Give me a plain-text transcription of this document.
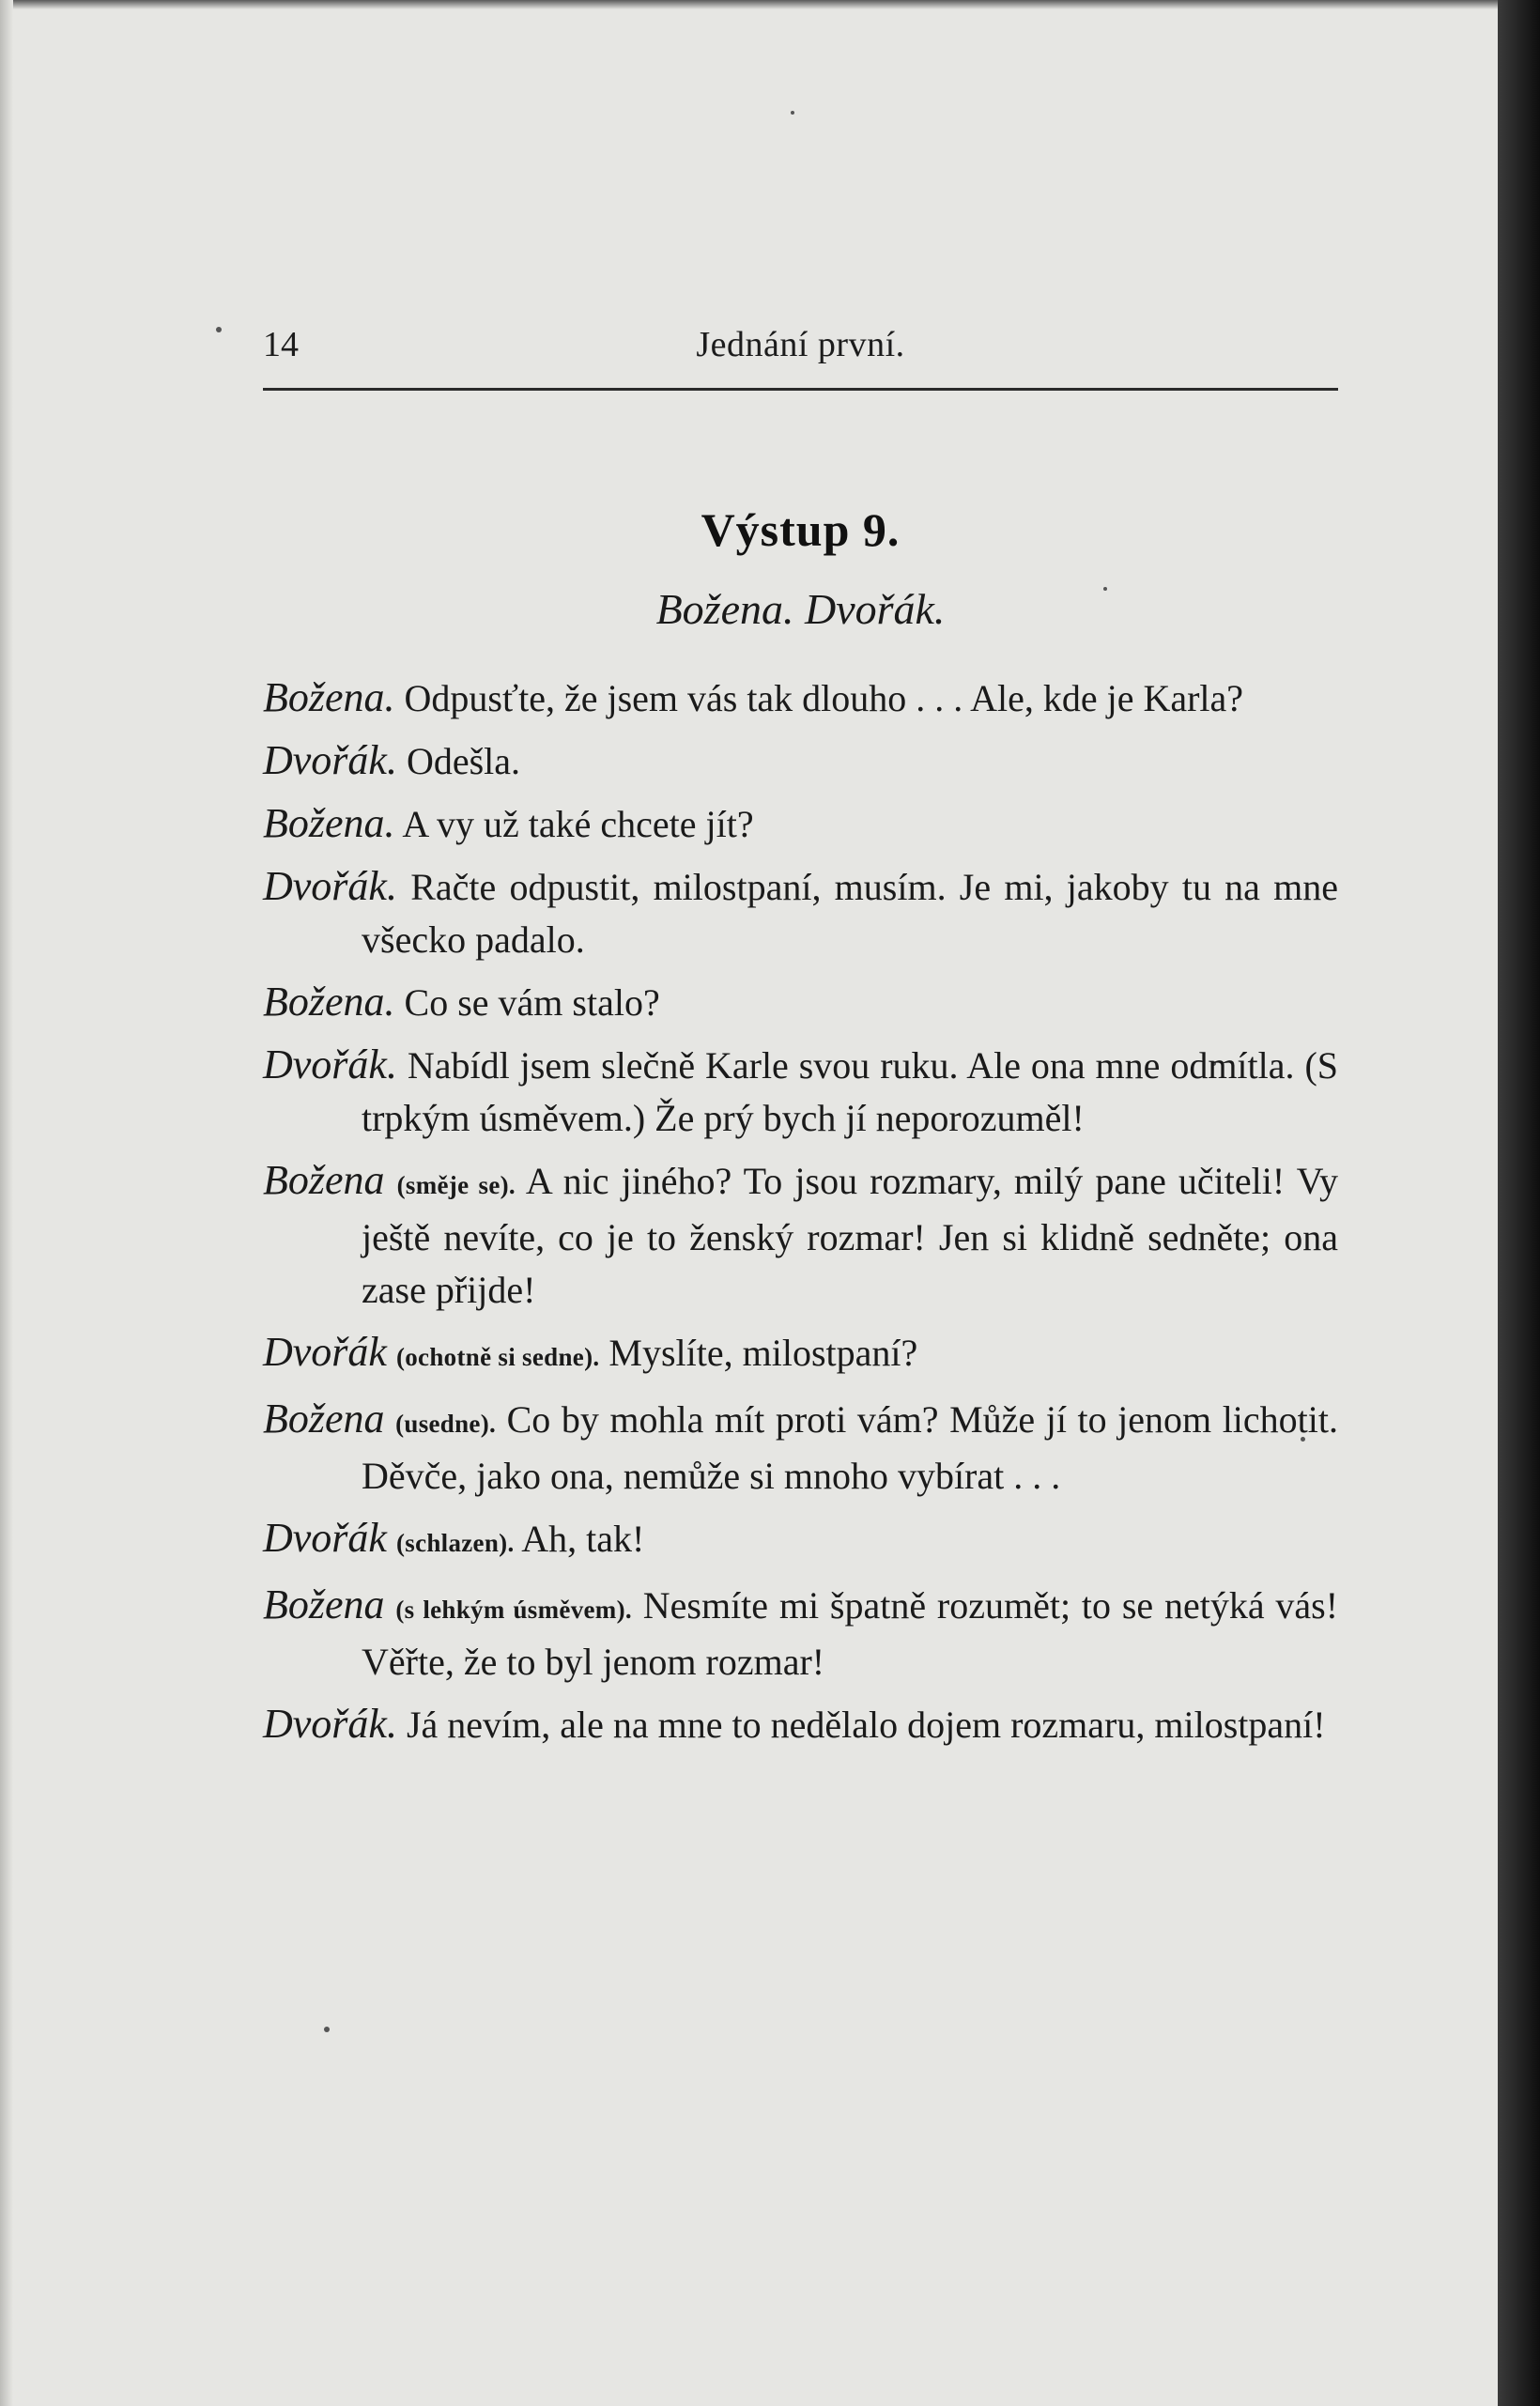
14	Jednání první.
Výstup 9.
Božena. Dvořák.
Božena. Odpusťte, že jsem vás tak dlouho . . . Ale, kde je Karla?
Dvořák. Odešla.
Božena. A vy už také chcete jít?
Dvořák. Račte odpustit, milostpaní, musím. Je mi, jakoby tu na mne všecko padalo.
Božena. Co se vám stalo?
Dvořák. Nabídl jsem slečně Karle svou ruku. Ale ona mne odmítla. (S trpkým úsměvem.) Že prý bych jí neporozuměl!
Božena (směje se). A nic jiného? To jsou rozmary, milý pane učiteli! Vy ještě nevíte, co je to ženský rozmar! Jen si klidně sedněte; ona zase přijde!
Dvořák (ochotně si sedne). Myslíte, milostpaní?
Božena (usedne). Co by mohla mít proti vám? Může jí to jenom lichotit. Děvče, jako ona, nemůže si mnoho vybírat . . .
Dvořák (schlazen). Ah, tak!
Božena (s lehkým úsměvem). Nesmíte mi špatně rozumět; to se netýká vás! Věřte, že to byl jenom rozmar!
Dvořák. Já nevím, ale na mne to nedělalo dojem rozmaru, milostpaní!
